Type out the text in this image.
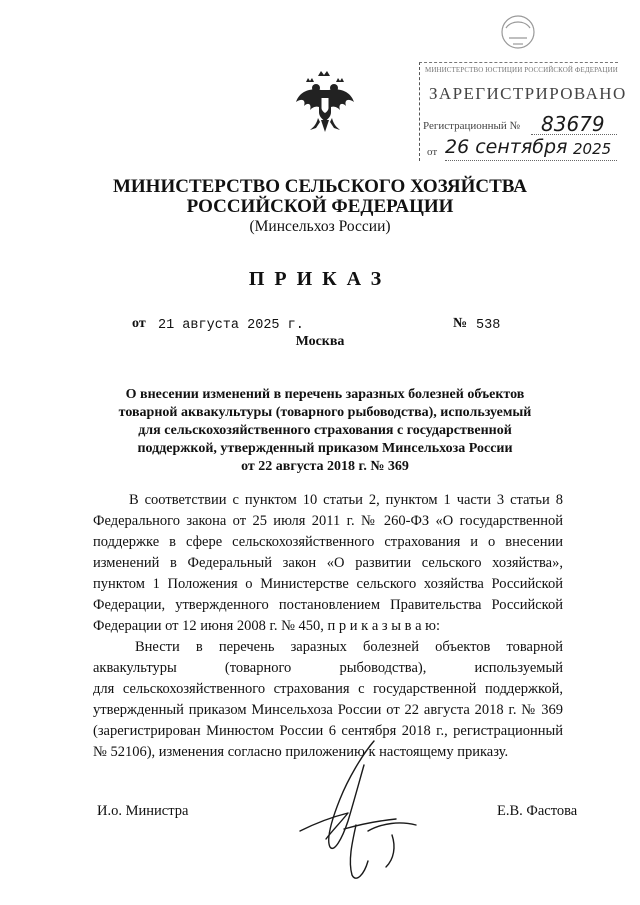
МИНИСТЕРСТВО ЮСТИЦИИ РОССИЙСКОЙ ФЕДЕРАЦИИ
ЗАРЕГИСТРИРОВАНО
Регистрационный № 83679
от 26 сентября 2025
МИНИСТЕРСТВО СЕЛЬСКОГО ХОЗЯЙСТВА
РОССИЙСКОЙ ФЕДЕРАЦИИ
(Минсельхоз России)
ПРИКАЗ
от 21 августа 2025 г.	№ 538
Москва
О внесении изменений в перечень заразных болезней объектов
товарной аквакультуры (товарного рыбоводства), используемый
для сельскохозяйственного страхования с государственной
поддержкой, утвержденный приказом Минсельхоза России
от 22 августа 2018 г. № 369
В соответствии с пунктом 10 статьи 2, пунктом 1 части 3 статьи 8
Федерального закона от 25 июля 2011 г. № 260-ФЗ «О государственной
поддержке в сфере сельскохозяйственного страхования и о внесении
изменений в Федеральный закон «О развитии сельского хозяйства»,
пунктом 1 Положения о Министерстве сельского хозяйства Российской
Федерации, утвержденного постановлением Правительства Российской
Федерации от 12 июня 2008 г. № 450, п р и к а з ы в а ю:
Внести в перечень заразных болезней объектов товарной
аквакультуры (товарного рыбоводства), используемый
для сельскохозяйственного страхования с государственной поддержкой,
утвержденный приказом Минсельхоза России от 22 августа 2018 г. № 369
(зарегистрирован Минюстом России 6 сентября 2018 г., регистрационный
№ 52106), изменения согласно приложению к настоящему приказу.
И.о. Министра	Е.В. Фастова
